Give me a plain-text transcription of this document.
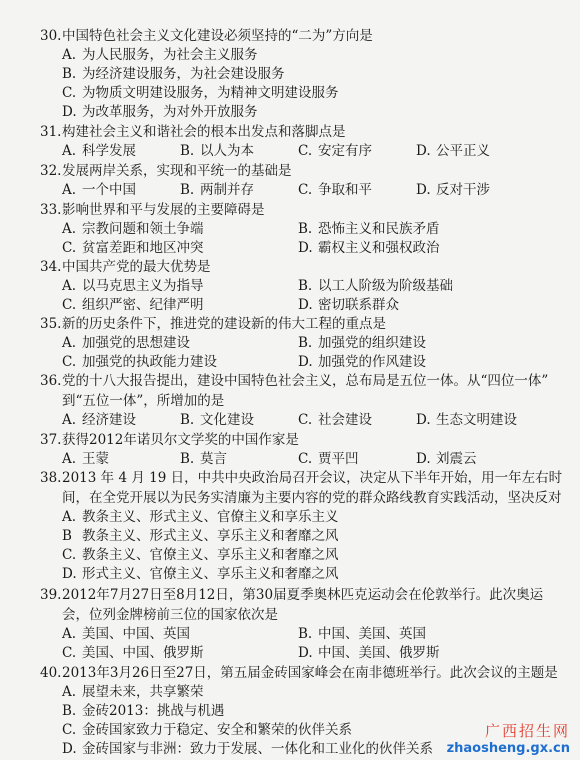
30.中国特色社会主义文化建设必须坚持的“二为”方向是
A. 为人民服务，为社会主义服务
B. 为经济建设服务，为社会建设服务
C. 为物质文明建设服务，为精神文明建设服务
D. 为改革服务，为对外开放服务
31.构建社会主义和谐社会的根本出发点和落脚点是
A. 科学发展	B. 以人为本	C. 安定有序	D. 公平正义
32.发展两岸关系，实现和平统一的基础是
A. 一个中国	B. 两制并存	C. 争取和平	D. 反对干涉
33.影响世界和平与发展的主要障碍是
A. 宗教问题和领土争端	B. 恐怖主义和民族矛盾
C. 贫富差距和地区冲突	D. 霸权主义和强权政治
34.中国共产党的最大优势是
A. 以马克思主义为指导	B. 以工人阶级为阶级基础
C. 组织严密、纪律严明	D. 密切联系群众
35.新的历史条件下，推进党的建设新的伟大工程的重点是
A. 加强党的思想建设	B. 加强党的组织建设
C. 加强党的执政能力建设	D. 加强党的作风建设
36.党的十八大报告提出，建设中国特色社会主义，总布局是五位一体。从“四位一体”
到“五位一体”，所增加的是
A. 经济建设	B. 文化建设	C. 社会建设	D. 生态文明建设
37.获得2012年诺贝尔文学奖的中国作家是
A. 王蒙	B. 莫言	C. 贾平凹	D. 刘震云
38.2013 年 4 月 19 日，中共中央政治局召开会议，决定从下半年开始，用一年左右时
间，在全党开展以为民务实清廉为主要内容的党的群众路线教育实践活动，坚决反对
A. 教条主义、形式主义、官僚主义和享乐主义
B 教条主义、形式主义、享乐主义和奢靡之风
C. 教条主义、官僚主义、享乐主义和奢靡之风
D. 形式主义、官僚主义、享乐主义和奢靡之风
39.2012年7月27日至8月12日，第30届夏季奥林匹克运动会在伦敦举行。此次奥运
会，位列金牌榜前三位的国家依次是
A. 美国、中国、英国	B. 中国、美国、英国
C. 美国、中国、俄罗斯	D. 中国、美国、俄罗斯
40.2013年3月26日至27日，第五届金砖国家峰会在南非德班举行。此次会议的主题是
A. 展望未来，共享繁荣
B. 金砖2013：挑战与机遇
C. 金砖国家致力于稳定、安全和繁荣的伙伴关系
D. 金砖国家与非洲：致力于发展、一体化和工业化的伙伴关系
广西招生网
zhaosheng.gx.cn
